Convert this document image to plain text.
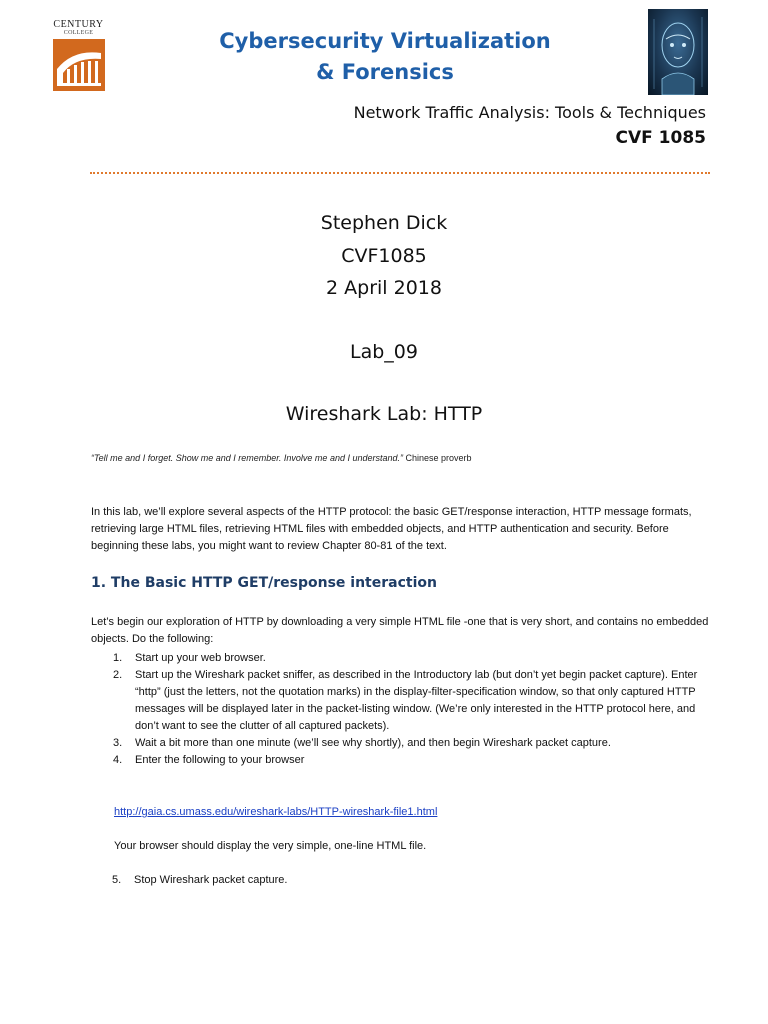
CENTURY
COLLEGE	Cybersecurity Virtualization
& Forensics
Network Traffic Analysis: Tools & Techniques
CVF 1085
Stephen Dick
CVF1085
2 April 2018
Lab_09
Wireshark Lab: HTTP
“Tell me and I forget. Show me and I remember. Involve me and I understand.” Chinese proverb
In this lab, we’ll explore several aspects of the HTTP protocol: the basic GET/response interaction, HTTP message formats, retrieving large HTML files, retrieving HTML files with embedded objects, and HTTP authentication and security. Before beginning these labs, you might want to review Chapter 80-81 of the text.
1. The Basic HTTP GET/response interaction
Let’s begin our exploration of HTTP by downloading a very simple HTML file -one that is very short, and contains no embedded objects. Do the following:
1. Start up your web browser.
2. Start up the Wireshark packet sniffer, as described in the Introductory lab (but don’t yet begin packet capture). Enter “http” (just the letters, not the quotation marks) in the display-filter-specification window, so that only captured HTTP messages will be displayed later in the packet-listing window. (We’re only interested in the HTTP protocol here, and don’t want to see the clutter of all captured packets).
3. Wait a bit more than one minute (we’ll see why shortly), and then begin Wireshark packet capture.
4. Enter the following to your browser
http://gaia.cs.umass.edu/wireshark-labs/HTTP-wireshark-file1.html
Your browser should display the very simple, one-line HTML file.
5. Stop Wireshark packet capture.
